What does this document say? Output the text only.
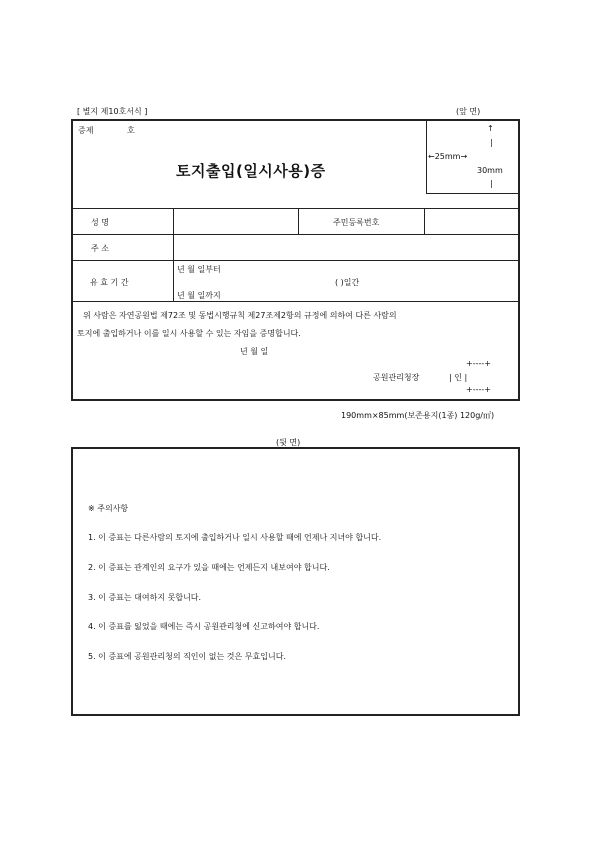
[ 별지 제10호서식 ]	(앞 면)
증제	호
토지출입(일시사용)증
↑
|
←25mm→
30mm
|
성 명	주민등록번호
주 소
유 효 기 간
년 월 일부터
( )일간
년 월 일까지
위 사람은 자연공원법 제72조 및 동법시행규칙 제27조제2항의 규정에 의하여 다른 사람의
토지에 출입하거나 이를 일시 사용할 수 있는 자임을 증명합니다.
년 월 일
+----+
공원관리청장	| 인 |
+----+
190mm×85mm(보존용지(1종) 120g/㎡)
(뒷 면)
※ 주의사항
1. 이 증표는 다른사람의 토지에 출입하거나 일시 사용할 때에 언제나 지녀야 합니다.
2. 이 증표는 관계인의 요구가 있을 때에는 언제든지 내보여야 합니다.
3. 이 증표는 대여하지 못합니다.
4. 이 증표를 잃었을 때에는 즉시 공원관리청에 신고하여야 합니다.
5. 이 증표에 공원관리청의 직인이 없는 것은 무효입니다.
